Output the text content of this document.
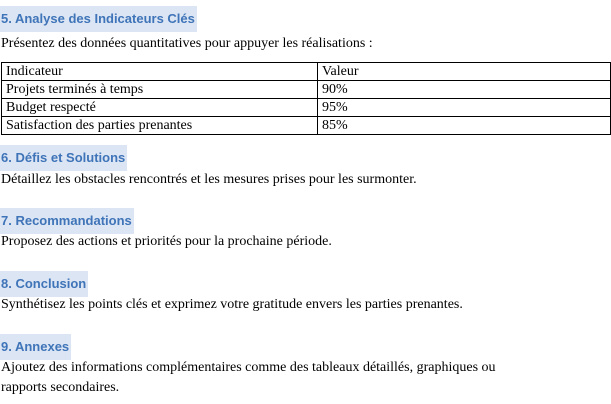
5. Analyse des Indicateurs Clés
Présentez des données quantitatives pour appuyer les réalisations :
Indicateur	Valeur
Projets terminés à temps	90%
Budget respecté	95%
Satisfaction des parties prenantes	85%
6. Défis et Solutions
Détaillez les obstacles rencontrés et les mesures prises pour les surmonter.
7. Recommandations
Proposez des actions et priorités pour la prochaine période.
8. Conclusion
Synthétisez les points clés et exprimez votre gratitude envers les parties prenantes.
9. Annexes
Ajoutez des informations complémentaires comme des tableaux détaillés, graphiques ou
rapports secondaires.
